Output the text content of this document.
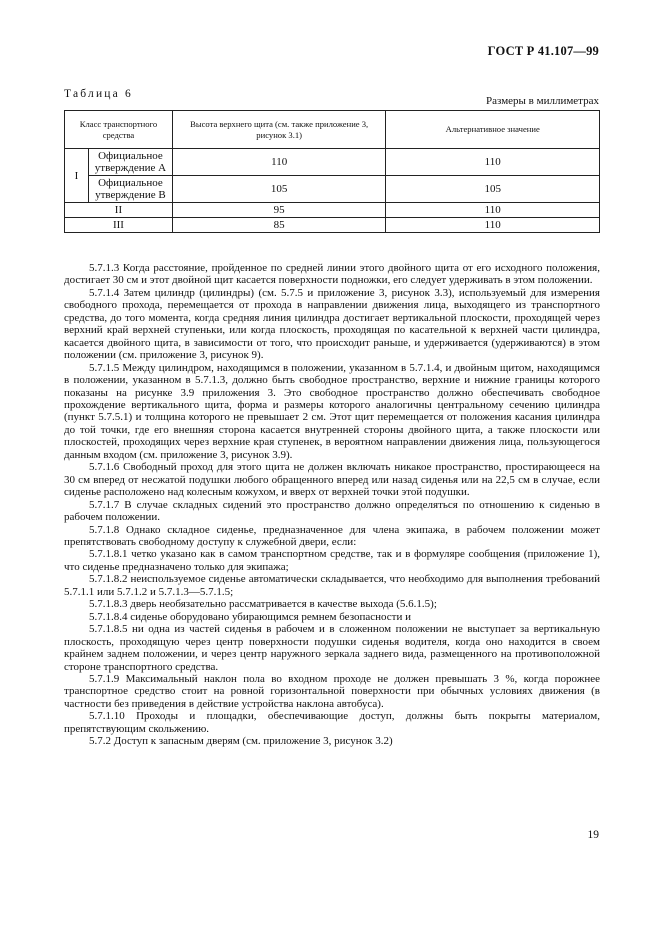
ГОСТ Р 41.107—99
Таблица 6
Размеры в миллиметрах
Класс транспортного средства		Высота верхнего щита (см. также приложение 3, рисунок 3.1)	Альтернативное значение
I	Официальное утверждение А	110	110
	Официальное утверждение В	105	105
II		95	110
III		85	110

5.7.1.3 Когда расстояние, пройденное по средней линии этого двойного щита от его исходного положения, достигает 30 см и этот двойной щит касается поверхности подножки, его следует удерживать в этом положении.

5.7.1.4 Затем цилиндр (цилиндры) (см. 5.7.5 и приложение 3, рисунок 3.3), используемый для измерения свободного прохода, перемещается от прохода в направлении движения лица, выходящего из транспортного средства, до того момента, когда средняя линия цилиндра достигает вертикальной плоскости, проходящей через верхний край верхней ступеньки, или когда плоскость, проходящая по касательной к верхней части цилиндра, касается двойного щита, в зависимости от того, что происходит раньше, и удерживается (удерживаются) в этом положении (см. приложение 3, рисунок 9).

5.7.1.5 Между цилиндром, находящимся в положении, указанном в 5.7.1.4, и двойным щитом, находящимся в положении, указанном в 5.7.1.3, должно быть свободное пространство, верхние и нижние границы которого показаны на рисунке 3.9 приложения 3. Это свободное пространство должно обеспечивать свободное прохождение вертикального щита, форма и размеры которого аналогичны центральному сечению цилиндра (пункт 5.7.5.1) и толщина которого не превышает 2 см. Этот щит перемещается от положения касания цилиндра до той точки, где его внешняя сторона касается внутренней стороны двойного щита, а также плоскости или плоскостей, проходящих через верхние края ступенек, в вероятном направлении движения лица, пользующегося данным входом (см. приложение 3, рисунок 3.9).

5.7.1.6 Свободный проход для этого щита не должен включать никакое пространство, простирающееся на 30 см вперед от несжатой подушки любого обращенного вперед или назад сиденья или на 22,5 см в случае, если сиденье расположено над колесным кожухом, и вверх от верхней точки этой подушки.

5.7.1.7 В случае складных сидений это пространство должно определяться по отношению к сиденью в рабочем положении.

5.7.1.8 Однако складное сиденье, предназначенное для члена экипажа, в рабочем положении может препятствовать свободному доступу к служебной двери, если:

5.7.1.8.1 четко указано как в самом транспортном средстве, так и в формуляре сообщения (приложение 1), что сиденье предназначено только для экипажа;

5.7.1.8.2 неиспользуемое сиденье автоматически складывается, что необходимо для выполнения требований 5.7.1.1 или 5.7.1.2 и 5.7.1.3—5.7.1.5;

5.7.1.8.3 дверь необязательно рассматривается в качестве выхода (5.6.1.5);

5.7.1.8.4 сиденье оборудовано убирающимся ремнем безопасности и

5.7.1.8.5 ни одна из частей сиденья в рабочем и в сложенном положении не выступает за вертикальную плоскость, проходящую через центр поверхности подушки сиденья водителя, когда оно находится в своем крайнем заднем положении, и через центр наружного зеркала заднего вида, размещенного на противоположной стороне транспортного средства.

5.7.1.9 Максимальный наклон пола во входном проходе не должен превышать 3 %, когда порожнее транспортное средство стоит на ровной горизонтальной поверхности при обычных условиях движения (в частности без приведения в действие устройства наклона автобуса).

5.7.1.10 Проходы и площадки, обеспечивающие доступ, должны быть покрыты материалом, препятствующим скольжению.

5.7.2 Доступ к запасным дверям (см. приложение 3, рисунок 3.2)

19
